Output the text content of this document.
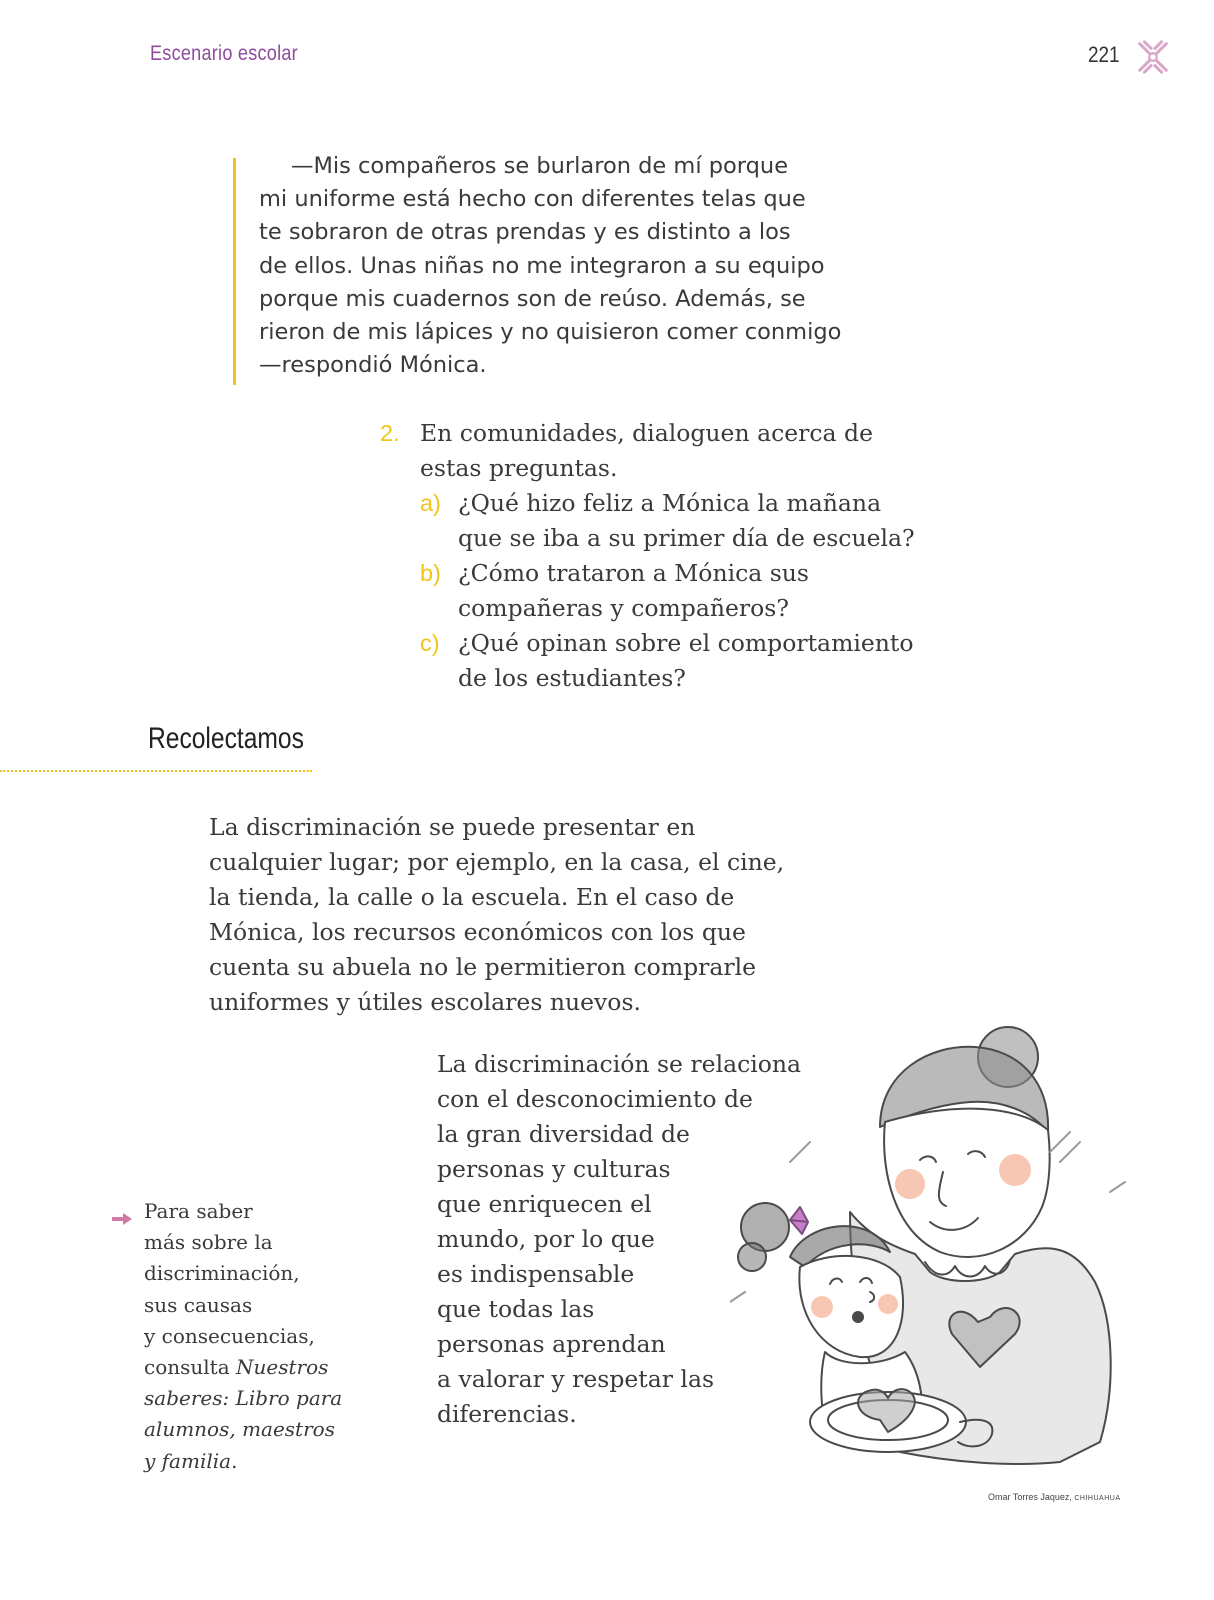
Escenario escolar	221
—Mis compañeros se burlaron de mí porque
mi uniforme está hecho con diferentes telas que
te sobraron de otras prendas y es distinto a los
de ellos. Unas niñas no me integraron a su equipo
porque mis cuadernos son de reúso. Además, se
rieron de mis lápices y no quisieron comer conmigo
—respondió Mónica.
2. En comunidades, dialoguen acerca de
estas preguntas.
a) ¿Qué hizo feliz a Mónica la mañana
que se iba a su primer día de escuela?
b) ¿Cómo trataron a Mónica sus
compañeras y compañeros?
c) ¿Qué opinan sobre el comportamiento
de los estudiantes?
Recolectamos
La discriminación se puede presentar en
cualquier lugar; por ejemplo, en la casa, el cine,
la tienda, la calle o la escuela. En el caso de
Mónica, los recursos económicos con los que
cuenta su abuela no le permitieron comprarle
uniformes y útiles escolares nuevos.
La discriminación se relaciona
con el desconocimiento de
la gran diversidad de
personas y culturas
que enriquecen el
mundo, por lo que
es indispensable
que todas las
personas aprendan
a valorar y respetar las
diferencias.
Para saber
más sobre la
discriminación,
sus causas
y consecuencias,
consulta Nuestros
saberes: Libro para
alumnos, maestros
y familia.
Omar Torres Jaquez, CHIHUAHUA
